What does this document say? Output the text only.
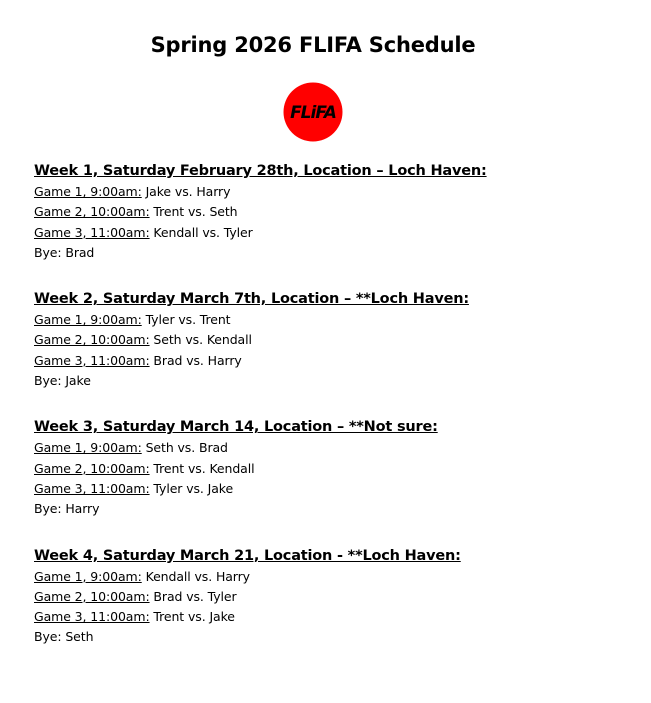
Spring 2026 FLIFA Schedule
FLiFA
Week 1, Saturday February 28th, Location – Loch Haven:
Game 1, 9:00am: Jake vs. Harry
Game 2, 10:00am: Trent vs. Seth
Game 3, 11:00am: Kendall vs. Tyler
Bye: Brad
Week 2, Saturday March 7th, Location – **Loch Haven:
Game 1, 9:00am: Tyler vs. Trent
Game 2, 10:00am: Seth vs. Kendall
Game 3, 11:00am: Brad vs. Harry
Bye: Jake
Week 3, Saturday March 14, Location – **Not sure:
Game 1, 9:00am: Seth vs. Brad
Game 2, 10:00am: Trent vs. Kendall
Game 3, 11:00am: Tyler vs. Jake
Bye: Harry
Week 4, Saturday March 21, Location - **Loch Haven:
Game 1, 9:00am: Kendall vs. Harry
Game 2, 10:00am: Brad vs. Tyler
Game 3, 11:00am: Trent vs. Jake
Bye: Seth
